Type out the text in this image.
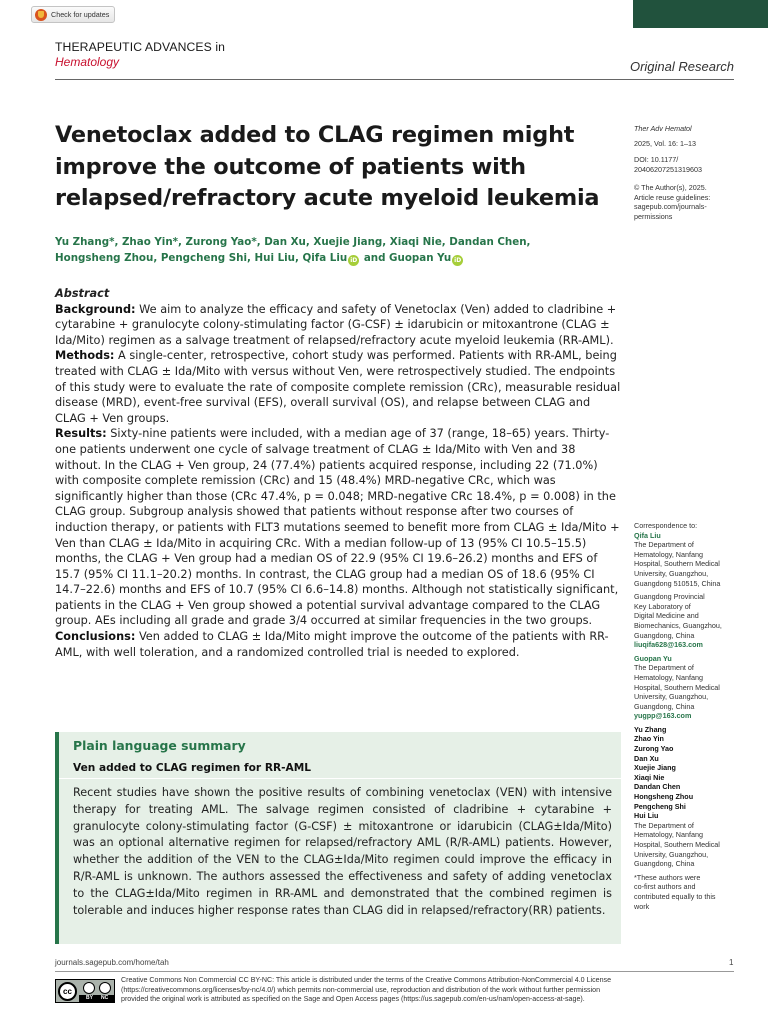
Check for updates
THERAPEUTIC ADVANCES in
Hematology	Original Research
Venetoclax added to CLAG regimen might improve the outcome of patients with relapsed/refractory acute myeloid leukemia
Yu Zhang*, Zhao Yin*, Zurong Yao*, Dan Xu, Xuejie Jiang, Xiaqi Nie, Dandan Chen,
Hongsheng Zhou, Pengcheng Shi, Hui Liu, Qifa Liu iD and Guopan Yu iD
Abstract

Background: We aim to analyze the efficacy and safety of Venetoclax (Ven) added to cladribine + cytarabine + granulocyte colony-stimulating factor (G-CSF) ± idarubicin or mitoxantrone (CLAG ± Ida/Mito) regimen as a salvage treatment of relapsed/refractory acute myeloid leukemia (RR-AML).

Methods: A single-center, retrospective, cohort study was performed. Patients with RR-AML, being treated with CLAG ± Ida/Mito with versus without Ven, were retrospectively studied. The endpoints of this study were to evaluate the rate of composite complete remission (CRc), measurable residual disease (MRD), event-free survival (EFS), overall survival (OS), and relapse between CLAG and CLAG + Ven groups.

Results: Sixty-nine patients were included, with a median age of 37 (range, 18–65) years. Thirty-one patients underwent one cycle of salvage treatment of CLAG ± Ida/Mito with Ven and 38 without. In the CLAG + Ven group, 24 (77.4%) patients acquired response, including 22 (71.0%) with composite complete remission (CRc) and 15 (48.4%) MRD-negative CRc, which was significantly higher than those (CRc 47.4%, p = 0.048; MRD-negative CRc 18.4%, p = 0.008) in the CLAG group. Subgroup analysis showed that patients without response after two courses of induction therapy, or patients with FLT3 mutations seemed to benefit more from CLAG ± Ida/Mito + Ven than CLAG ± Ida/Mito in acquiring CRc. With a median follow-up of 13 (95% CI 10.5–15.5) months, the CLAG + Ven group had a median OS of 22.9 (95% CI 19.6–26.2) months and EFS of 15.7 (95% CI 11.1–20.2) months. In contrast, the CLAG group had a median OS of 18.6 (95% CI 14.7–22.6) months and EFS of 10.7 (95% CI 6.6–14.8) months. Although not statistically significant, patients in the CLAG + Ven group showed a potential survival advantage compared to the CLAG group. AEs including all grade and grade 3/4 occurred at similar frequencies in the two groups.

Conclusions: Ven added to CLAG ± Ida/Mito might improve the outcome of the patients with RR-AML, with well toleration, and a randomized controlled trial is needed to explored.

Plain language summary
Ven added to CLAG regimen for RR-AML
Recent studies have shown the positive results of combining venetoclax (VEN) with intensive therapy for treating AML. The salvage regimen consisted of cladribine + cytarabine + granulocyte colony-stimulating factor (G-CSF) ± mitoxantrone or idarubicin (CLAG±Ida/Mito) was an optional alternative regimen for relapsed/refractory AML (R/R-AML) patients. However, whether the addition of the VEN to the CLAG±Ida/Mito regimen could improve the efficacy in R/R-AML is unknown. The authors assessed the effectiveness and safety of adding venetoclax to the CLAG±Ida/Mito regimen in RR-AML and demonstrated that the combined regimen is tolerable and induces higher response rates than CLAG did in relapsed/refractory(RR) patients.
Ther Adv Hematol
2025, Vol. 16: 1–13
DOI: 10.1177/
20406207251319603
© The Author(s), 2025.
Article reuse guidelines:
sagepub.com/journals-
permissions

Correspondence to:

Qifa Liu

The Department of
Hematology, Nanfang
Hospital, Southern Medical
University, Guangzhou,
Guangdong 510515, China
Guangdong Provincial
Key Laboratory of
Digital Medicine and
Biomechanics, Guangzhou,
Guangdong, China

liuqifa628@163.com

Guopan Yu

The Department of
Hematology, Nanfang
Hospital, Southern Medical
University, Guangzhou,
Guangdong, China

yugpp@163.com

Yu Zhang
Zhao Yin
Zurong Yao
Dan Xu
Xuejie Jiang
Xiaqi Nie
Dandan Chen
Hongsheng Zhou
Pengcheng Shi
Hui Liu
The Department of
Hematology, Nanfang
Hospital, Southern Medical
University, Guangzhou,
Guangdong, China
*These authors were
co-first authors and
contributed equally to this
work
journals.sagepub.com/home/tah	1
cc
BY NC
Creative Commons Non Commercial CC BY-NC: This article is distributed under the terms of the Creative Commons Attribution-NonCommercial 4.0 License
(https://creativecommons.org/licenses/by-nc/4.0/) which permits non-commercial use, reproduction and distribution of the work without further permission
provided the original work is attributed as specified on the Sage and Open Access pages (https://us.sagepub.com/en-us/nam/open-access-at-sage).
